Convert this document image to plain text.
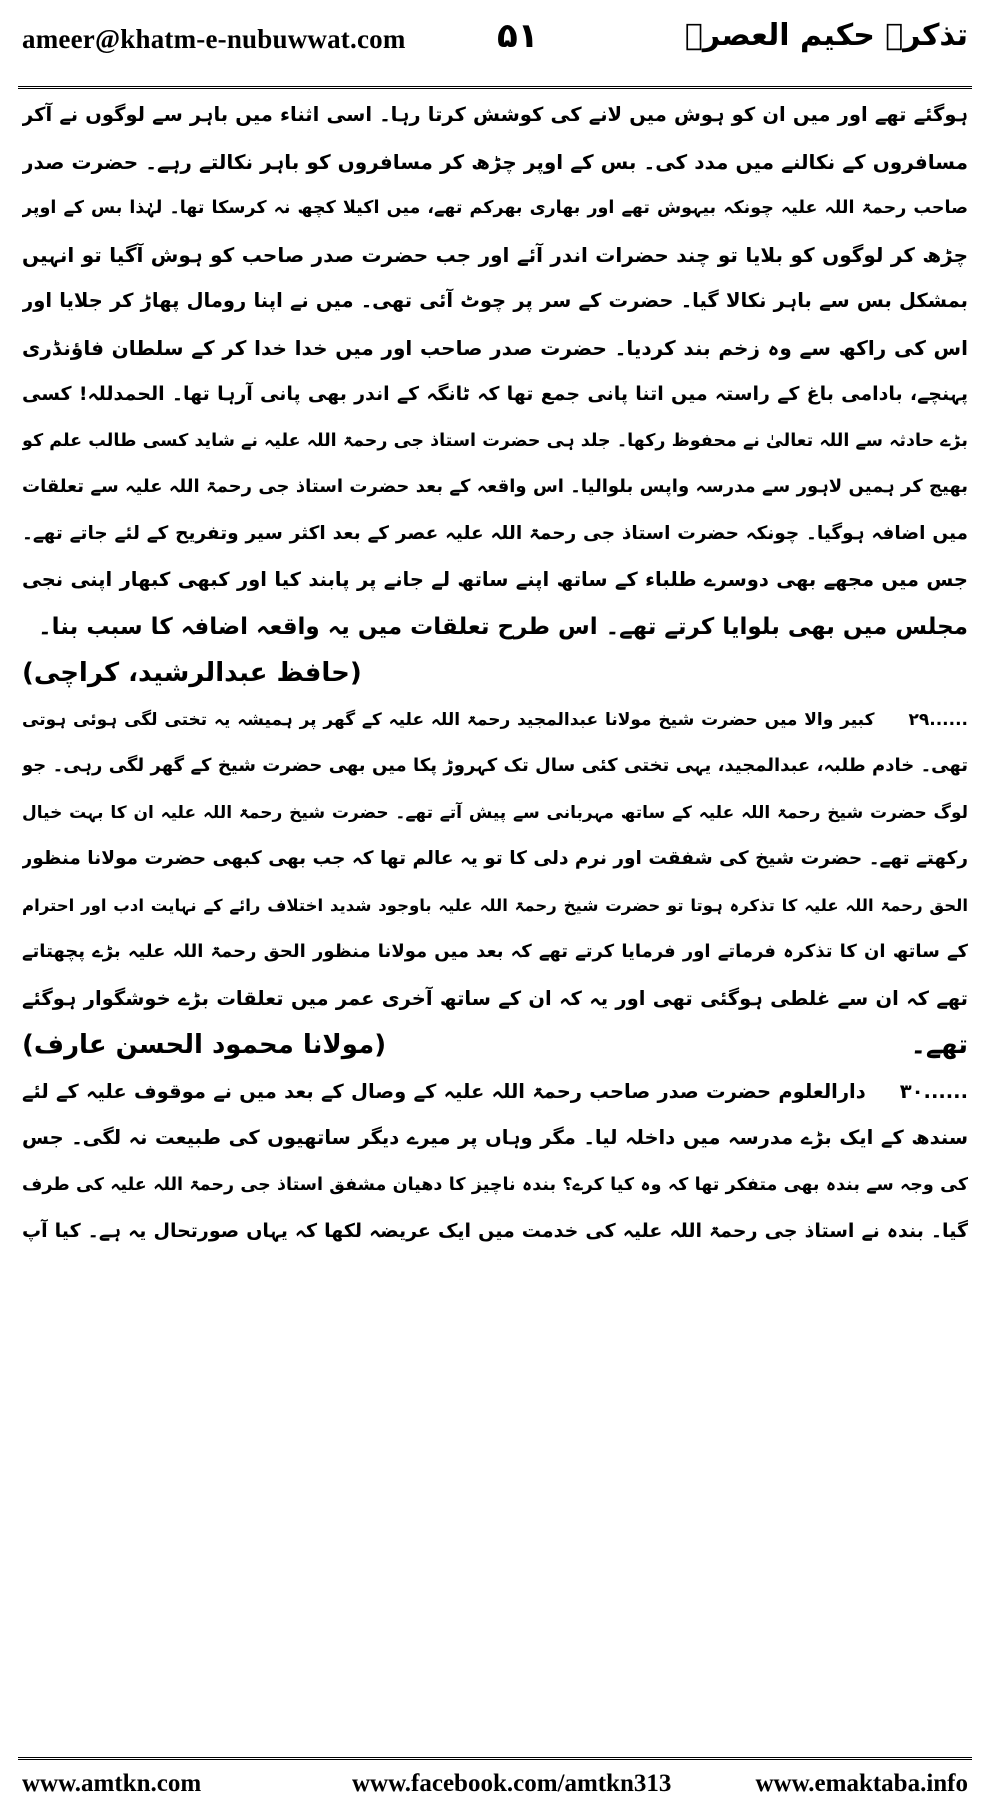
ameer@khatm-e-nubuwwat.com	۵۱	تذکرہ حکیم العصرؒ
ہوگئے تھے اور میں ان کو ہوش میں لانے کی کوشش کرتا رہا۔ اسی اثناء میں باہر سے لوگوں نے آکر
مسافروں کے نکالنے میں مدد کی۔ بس کے اوپر چڑھ کر مسافروں کو باہر نکالتے رہے۔ حضرت صدر
صاحب رحمۃ اللہ علیہ چونکہ بیہوش تھے اور بھاری بھرکم تھے، میں اکیلا کچھ نہ کرسکا تھا۔ لہٰذا بس کے اوپر
چڑھ کر لوگوں کو بلایا تو چند حضرات اندر آئے اور جب حضرت صدر صاحب کو ہوش آگیا تو انہیں
بمشکل بس سے باہر نکالا گیا۔ حضرت کے سر پر چوٹ آئی تھی۔ میں نے اپنا رومال پھاڑ کر جلایا اور
اس کی راکھ سے وہ زخم بند کردیا۔ حضرت صدر صاحب اور میں خدا خدا کر کے سلطان فاؤنڈری
پہنچے، بادامی باغ کے راستہ میں اتنا پانی جمع تھا کہ ٹانگہ کے اندر بھی پانی آرہا تھا۔ الحمدللہ! کسی
بڑے حادثہ سے اللہ تعالیٰ نے محفوظ رکھا۔ جلد ہی حضرت استاذ جی رحمۃ اللہ علیہ نے شاید کسی طالب علم کو
بھیج کر ہمیں لاہور سے مدرسہ واپس بلوالیا۔ اس واقعہ کے بعد حضرت استاذ جی رحمۃ اللہ علیہ سے تعلقات
میں اضافہ ہوگیا۔ چونکہ حضرت استاذ جی رحمۃ اللہ علیہ عصر کے بعد اکثر سیر وتفریح کے لئے جاتے تھے۔
جس میں مجھے بھی دوسرے طلباء کے ساتھ اپنے ساتھ لے جانے پر پابند کیا اور کبھی کبھار اپنی نجی
مجلس میں بھی بلوایا کرتے تھے۔ اس طرح تعلقات میں یہ واقعہ اضافہ کا سبب بنا۔
(حافظ عبدالرشید، کراچی)
۲۹......کبیر والا میں حضرت شیخ مولانا عبدالمجید رحمۃ اللہ علیہ کے گھر پر ہمیشہ یہ تختی لگی ہوئی ہوتی
تھی۔ خادم طلبہ، عبدالمجید، یہی تختی کئی سال تک کہروڑ پکا میں بھی حضرت شیخ کے گھر لگی رہی۔ جو
لوگ حضرت شیخ رحمۃ اللہ علیہ کے ساتھ مہربانی سے پیش آتے تھے۔ حضرت شیخ رحمۃ اللہ علیہ ان کا بہت خیال
رکھتے تھے۔ حضرت شیخ کی شفقت اور نرم دلی کا تو یہ عالم تھا کہ جب بھی کبھی حضرت مولانا منظور
الحق رحمۃ اللہ علیہ کا تذکرہ ہوتا تو حضرت شیخ رحمۃ اللہ علیہ باوجود شدید اختلاف رائے کے نہایت ادب اور احترام
کے ساتھ ان کا تذکرہ فرماتے اور فرمایا کرتے تھے کہ بعد میں مولانا منظور الحق رحمۃ اللہ علیہ بڑے پچھتاتے
تھے کہ ان سے غلطی ہوگئی تھی اور یہ کہ ان کے ساتھ آخری عمر میں تعلقات بڑے خوشگوار ہوگئے
تھے۔
(مولانا محمود الحسن عارف)
۳۰......دارالعلوم حضرت صدر صاحب رحمۃ اللہ علیہ کے وصال کے بعد میں نے موقوف علیہ کے لئے
سندھ کے ایک بڑے مدرسہ میں داخلہ لیا۔ مگر وہاں پر میرے دیگر ساتھیوں کی طبیعت نہ لگی۔ جس
کی وجہ سے بندہ بھی متفکر تھا کہ وہ کیا کرے؟ بندہ ناچیز کا دھیان مشفق استاذ جی رحمۃ اللہ علیہ کی طرف
گیا۔ بندہ نے استاذ جی رحمۃ اللہ علیہ کی خدمت میں ایک عریضہ لکھا کہ یہاں صورتحال یہ ہے۔ کیا آپ
www.amtkn.com	www.facebook.com/amtkn313	www.emaktaba.info
